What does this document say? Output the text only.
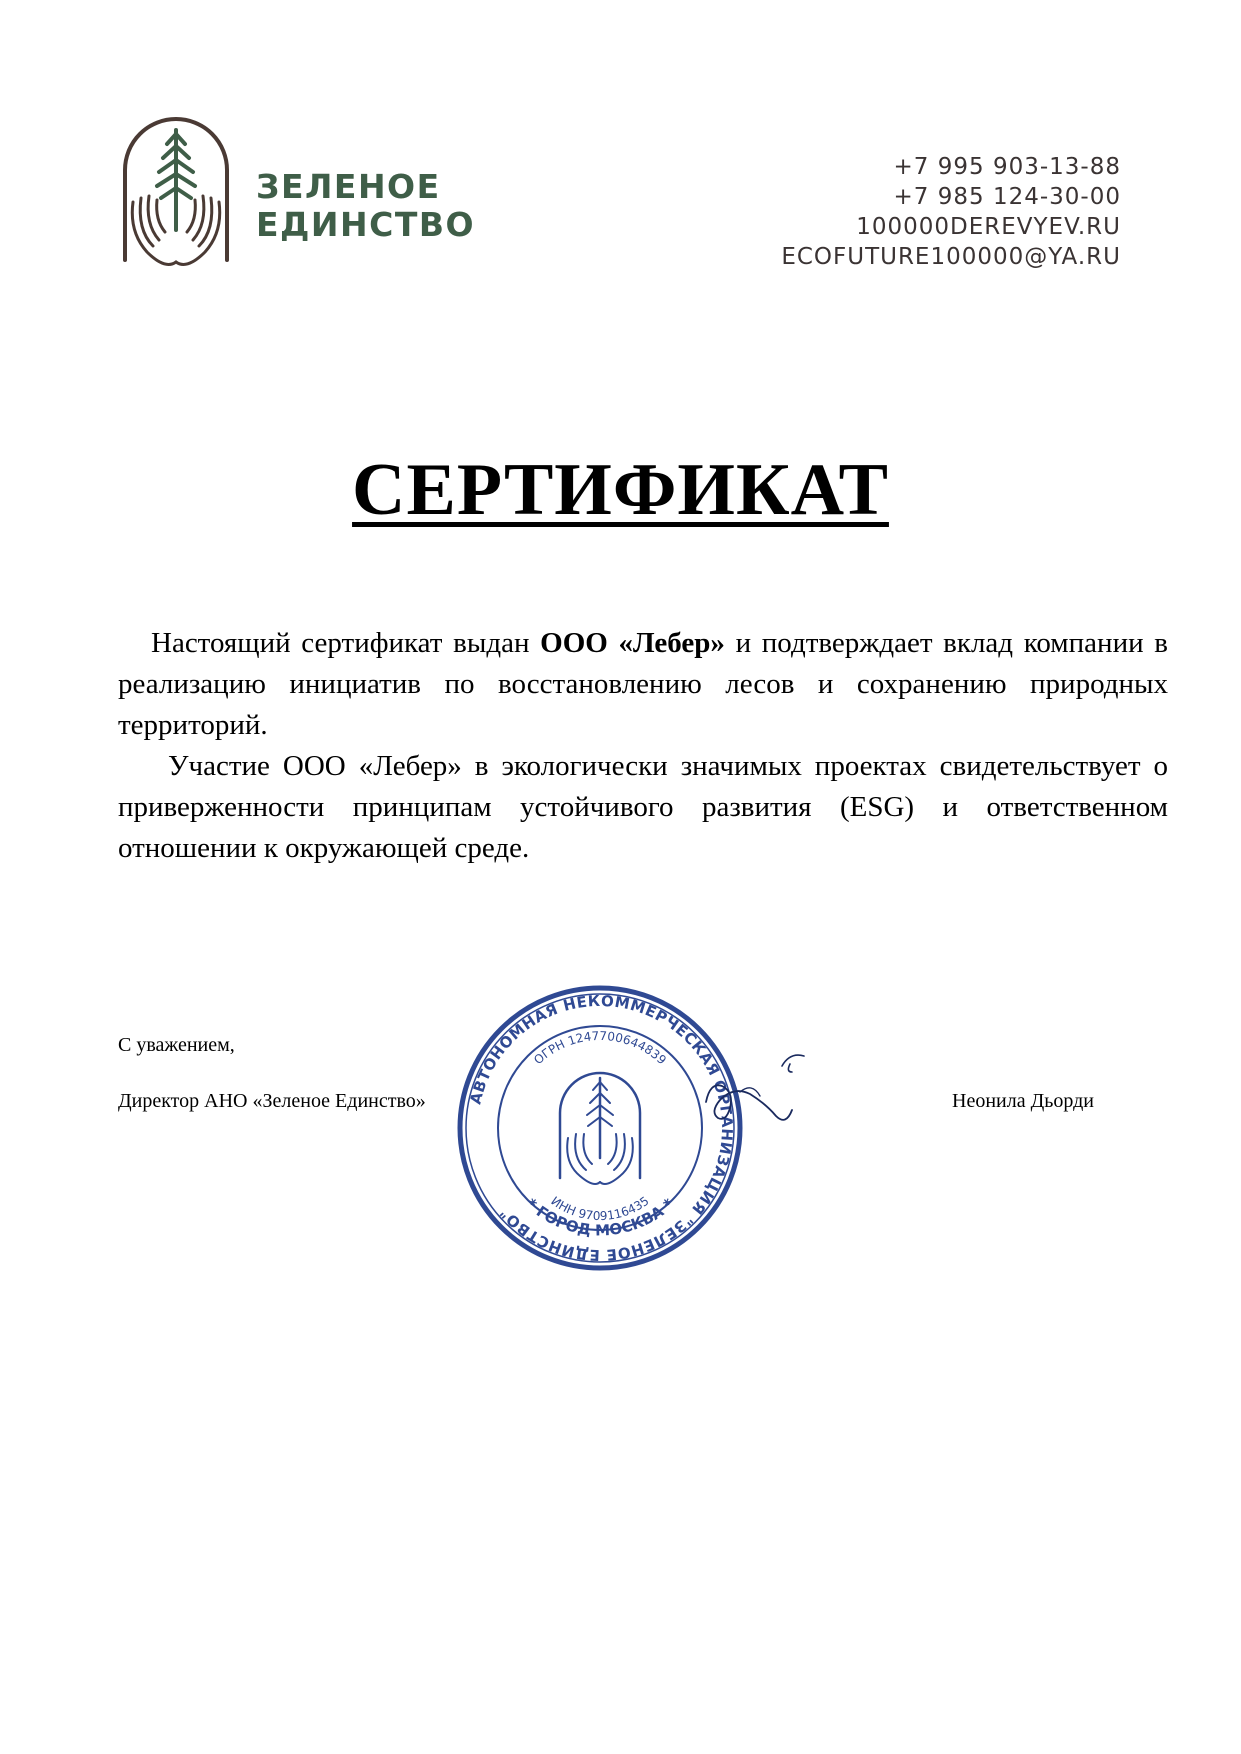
ЗЕЛЕНОЕ
ЕДИНСТВО
+7 995 903-13-88
+7 985 124-30-00
100000DEREVYEV.RU
ECOFUTURE100000@YA.RU
СЕРТИФИКАТ

Настоящий сертификат выдан ООО «Лебер» и подтверждает вклад компании в реализацию инициатив по восстановлению лесов и сохранению природных территорий.

Участие ООО «Лебер» в экологически значимых проектах свидетельствует о приверженности принципам устойчивого развития (ESG) и ответственном отношении к окружающей среде.

С уважением,
Директор АНО «Зеленое Единство»	Неонила Дьорди
АВТОНОМНАЯ НЕКОММЕРЧЕСКАЯ ОРГАНИЗАЦИЯ "ЗЕЛЕНОЕ ЕДИНСТВО" * ГОРОД МОСКВА *
ОГРН 1247700644839
ИНН 9709116435
